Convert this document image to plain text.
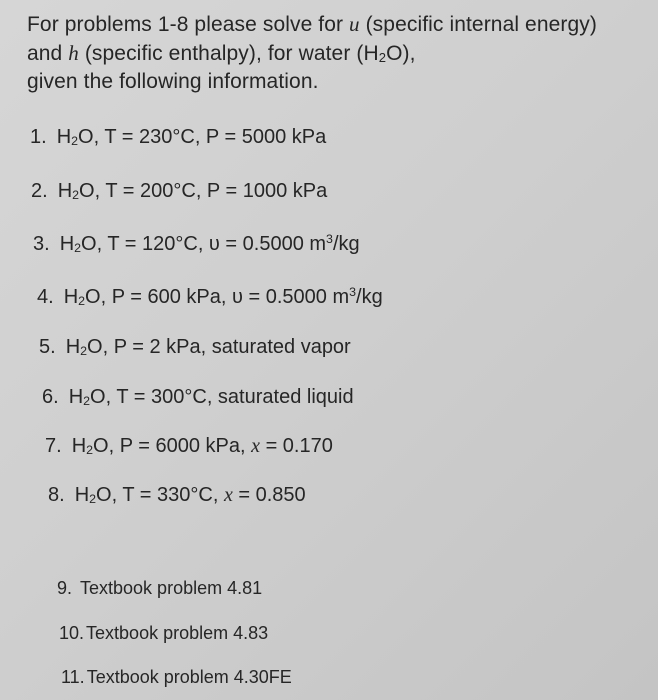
For problems 1-8 please solve for u (specific internal energy)
and h (specific enthalpy), for water $(H_2O)$,
given the following information.
1. $H_2O$, T = 230°C, P = 5000 kPa
2. $H_2O$, T = 200°C, P = 1000 kPa
3. $H_2O$, T = 120°C, υ = 0.5000 $m^3/kg$
4. $H_2O$, P = 600 kPa, υ = 0.5000 $m^3/kg$
5. $H_2O$, P = 2 kPa, saturated vapor
6. $H_2O$, T = 300°C, saturated liquid
7. $H_2O$, P = 6000 kPa, x = 0.170
8. $H_2O$, T = 330°C, x = 0.850
9. Textbook problem 4.81
10. Textbook problem 4.83
11. Textbook problem 4.30FE
